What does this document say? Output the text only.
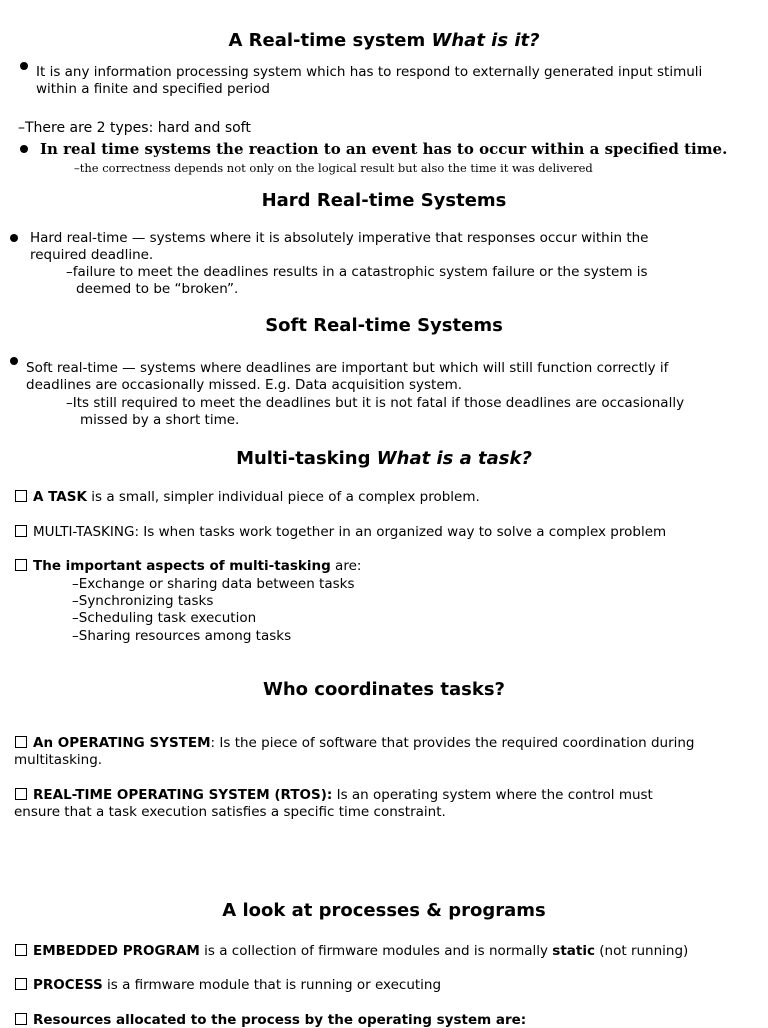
A Real-time system What is it?
It is any information processing system which has to respond to externally generated input stimuli
within a finite and specified period
–There are 2 types: hard and soft
In real time systems the reaction to an event has to occur within a specified time.
–the correctness depends not only on the logical result but also the time it was delivered
Hard Real-time Systems
Hard real-time — systems where it is absolutely imperative that responses occur within the
required deadline.
–failure to meet the deadlines results in a catastrophic system failure or the system is
deemed to be “broken”.
Soft Real-time Systems
Soft real-time — systems where deadlines are important but which will still function correctly if
deadlines are occasionally missed. E.g. Data acquisition system.
–Its still required to meet the deadlines but it is not fatal if those deadlines are occasionally
missed by a short time.
Multi-tasking What is a task?
A TASK is a small, simpler individual piece of a complex problem.
MULTI-TASKING: Is when tasks work together in an organized way to solve a complex problem
The important aspects of multi-tasking are:
–Exchange or sharing data between tasks
–Synchronizing tasks
–Scheduling task execution
–Sharing resources among tasks
Who coordinates tasks?
An OPERATING SYSTEM: Is the piece of software that provides the required coordination during
multitasking.
REAL-TIME OPERATING SYSTEM (RTOS): Is an operating system where the control must
ensure that a task execution satisfies a specific time constraint.
A look at processes & programs
EMBEDDED PROGRAM is a collection of firmware modules and is normally static (not running)
PROCESS is a firmware module that is running or executing
Resources allocated to the process by the operating system are:
